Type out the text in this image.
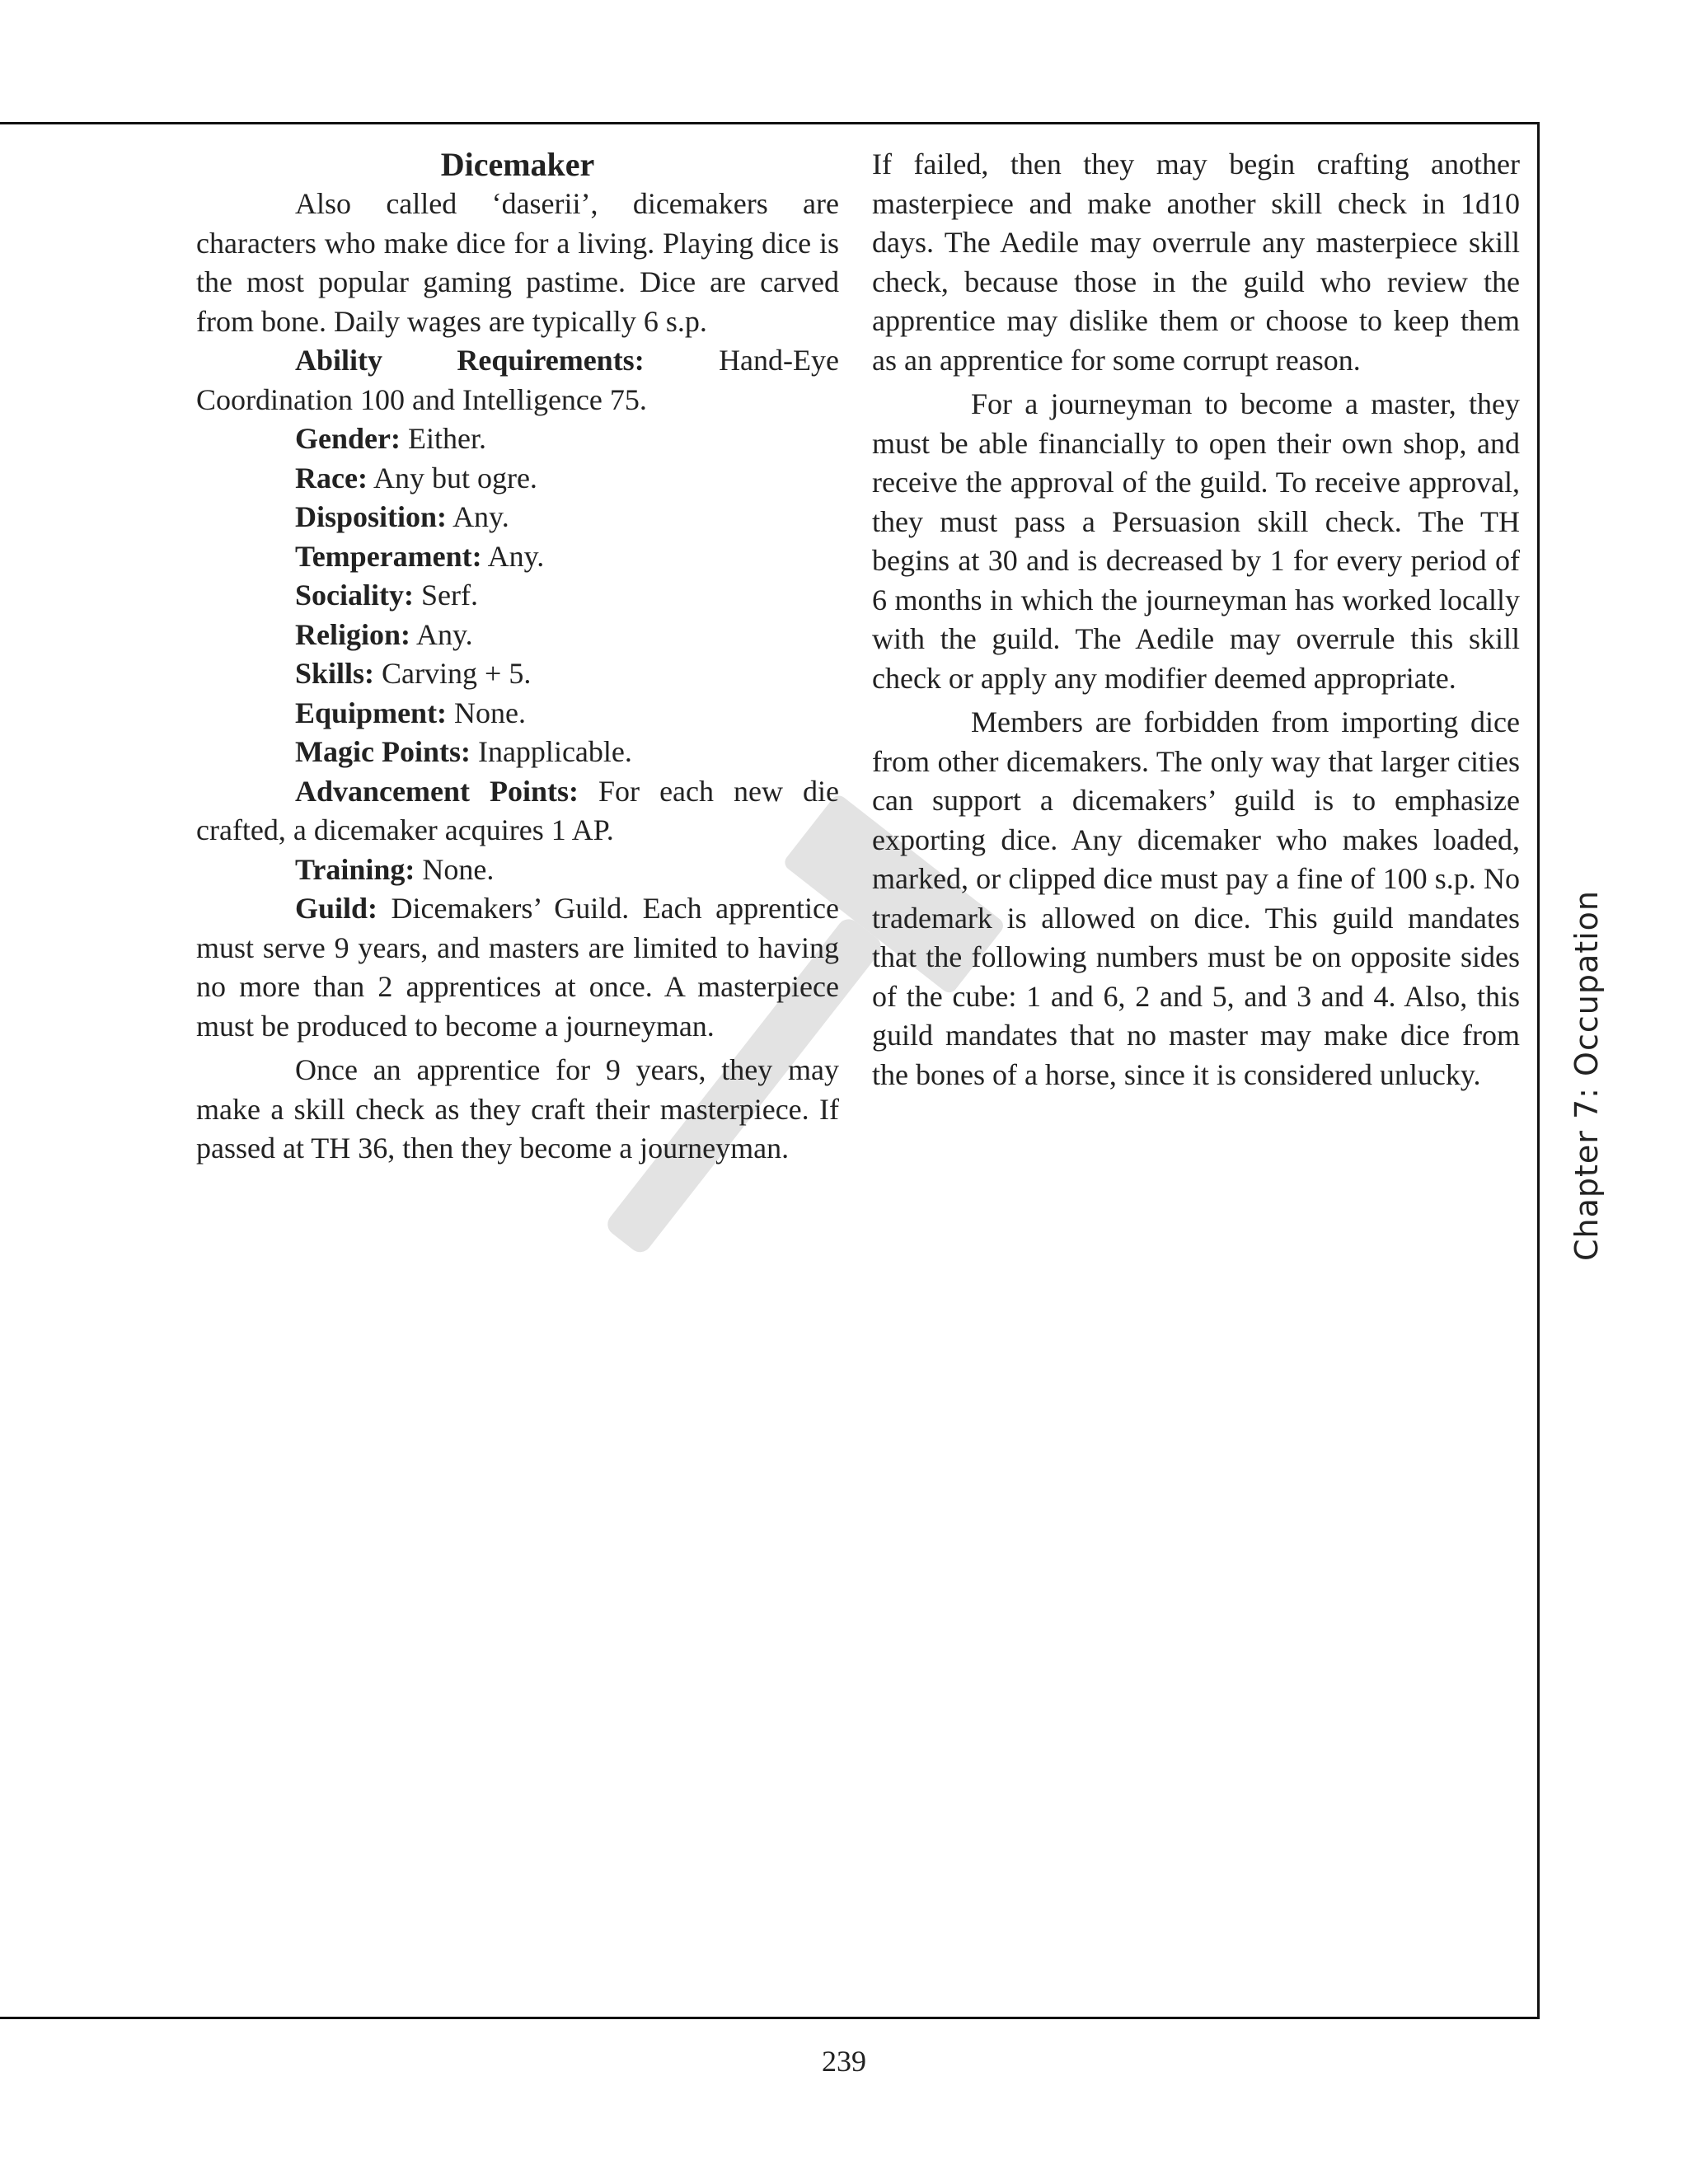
Dicemaker

Also called ‘daserii’, dicemakers are characters who make dice for a living. Playing dice is the most popular gaming pastime. Dice are carved from bone. Daily wages are typically 6 s.p.

Ability Requirements:	Hand-Eye Coordination 100 and Intelligence 75.

Gender: Either.

Race: Any but ogre.

Disposition: Any.

Temperament: Any.

Sociality: Serf.

Religion: Any.

Skills: Carving + 5.

Equipment: None.

Magic Points: Inapplicable.

Advancement Points: For each new die crafted, a dicemaker acquires 1 AP.

Training: None.

Guild: Dicemakers’ Guild. Each apprentice must serve 9 years, and masters are limited to having no more than 2 apprentices at once. A masterpiece must be produced to become a journeyman.

Once an apprentice for 9 years, they may make a skill check as they craft their masterpiece. If passed at TH 36, then they become a journeyman.

If failed, then they may begin crafting another masterpiece and make another skill check in 1d10 days. The Aedile may overrule any masterpiece skill check, because those in the guild who review the apprentice may dislike them or choose to keep them as an apprentice for some corrupt reason.

For a journeyman to become a master, they must be able financially to open their own shop, and receive the approval of the guild. To receive approval, they must pass a Persuasion skill check. The TH begins at 30 and is decreased by 1 for every period of 6 months in which the journeyman has worked locally with the guild. The Aedile may overrule this skill check or apply any modifier deemed appropriate.

Members are forbidden from importing dice from other dicemakers. The only way that larger cities can support a dicemakers’ guild is to emphasize exporting dice. Any dicemaker who makes loaded, marked, or clipped dice must pay a fine of 100 s.p. No trademark is allowed on dice. This guild mandates that the following numbers must be on opposite sides of the cube: 1 and 6, 2 and 5, and 3 and 4. Also, this guild mandates that no master may make dice from the bones of a horse, since it is considered unlucky.	Chapter 7: Occupation
239
